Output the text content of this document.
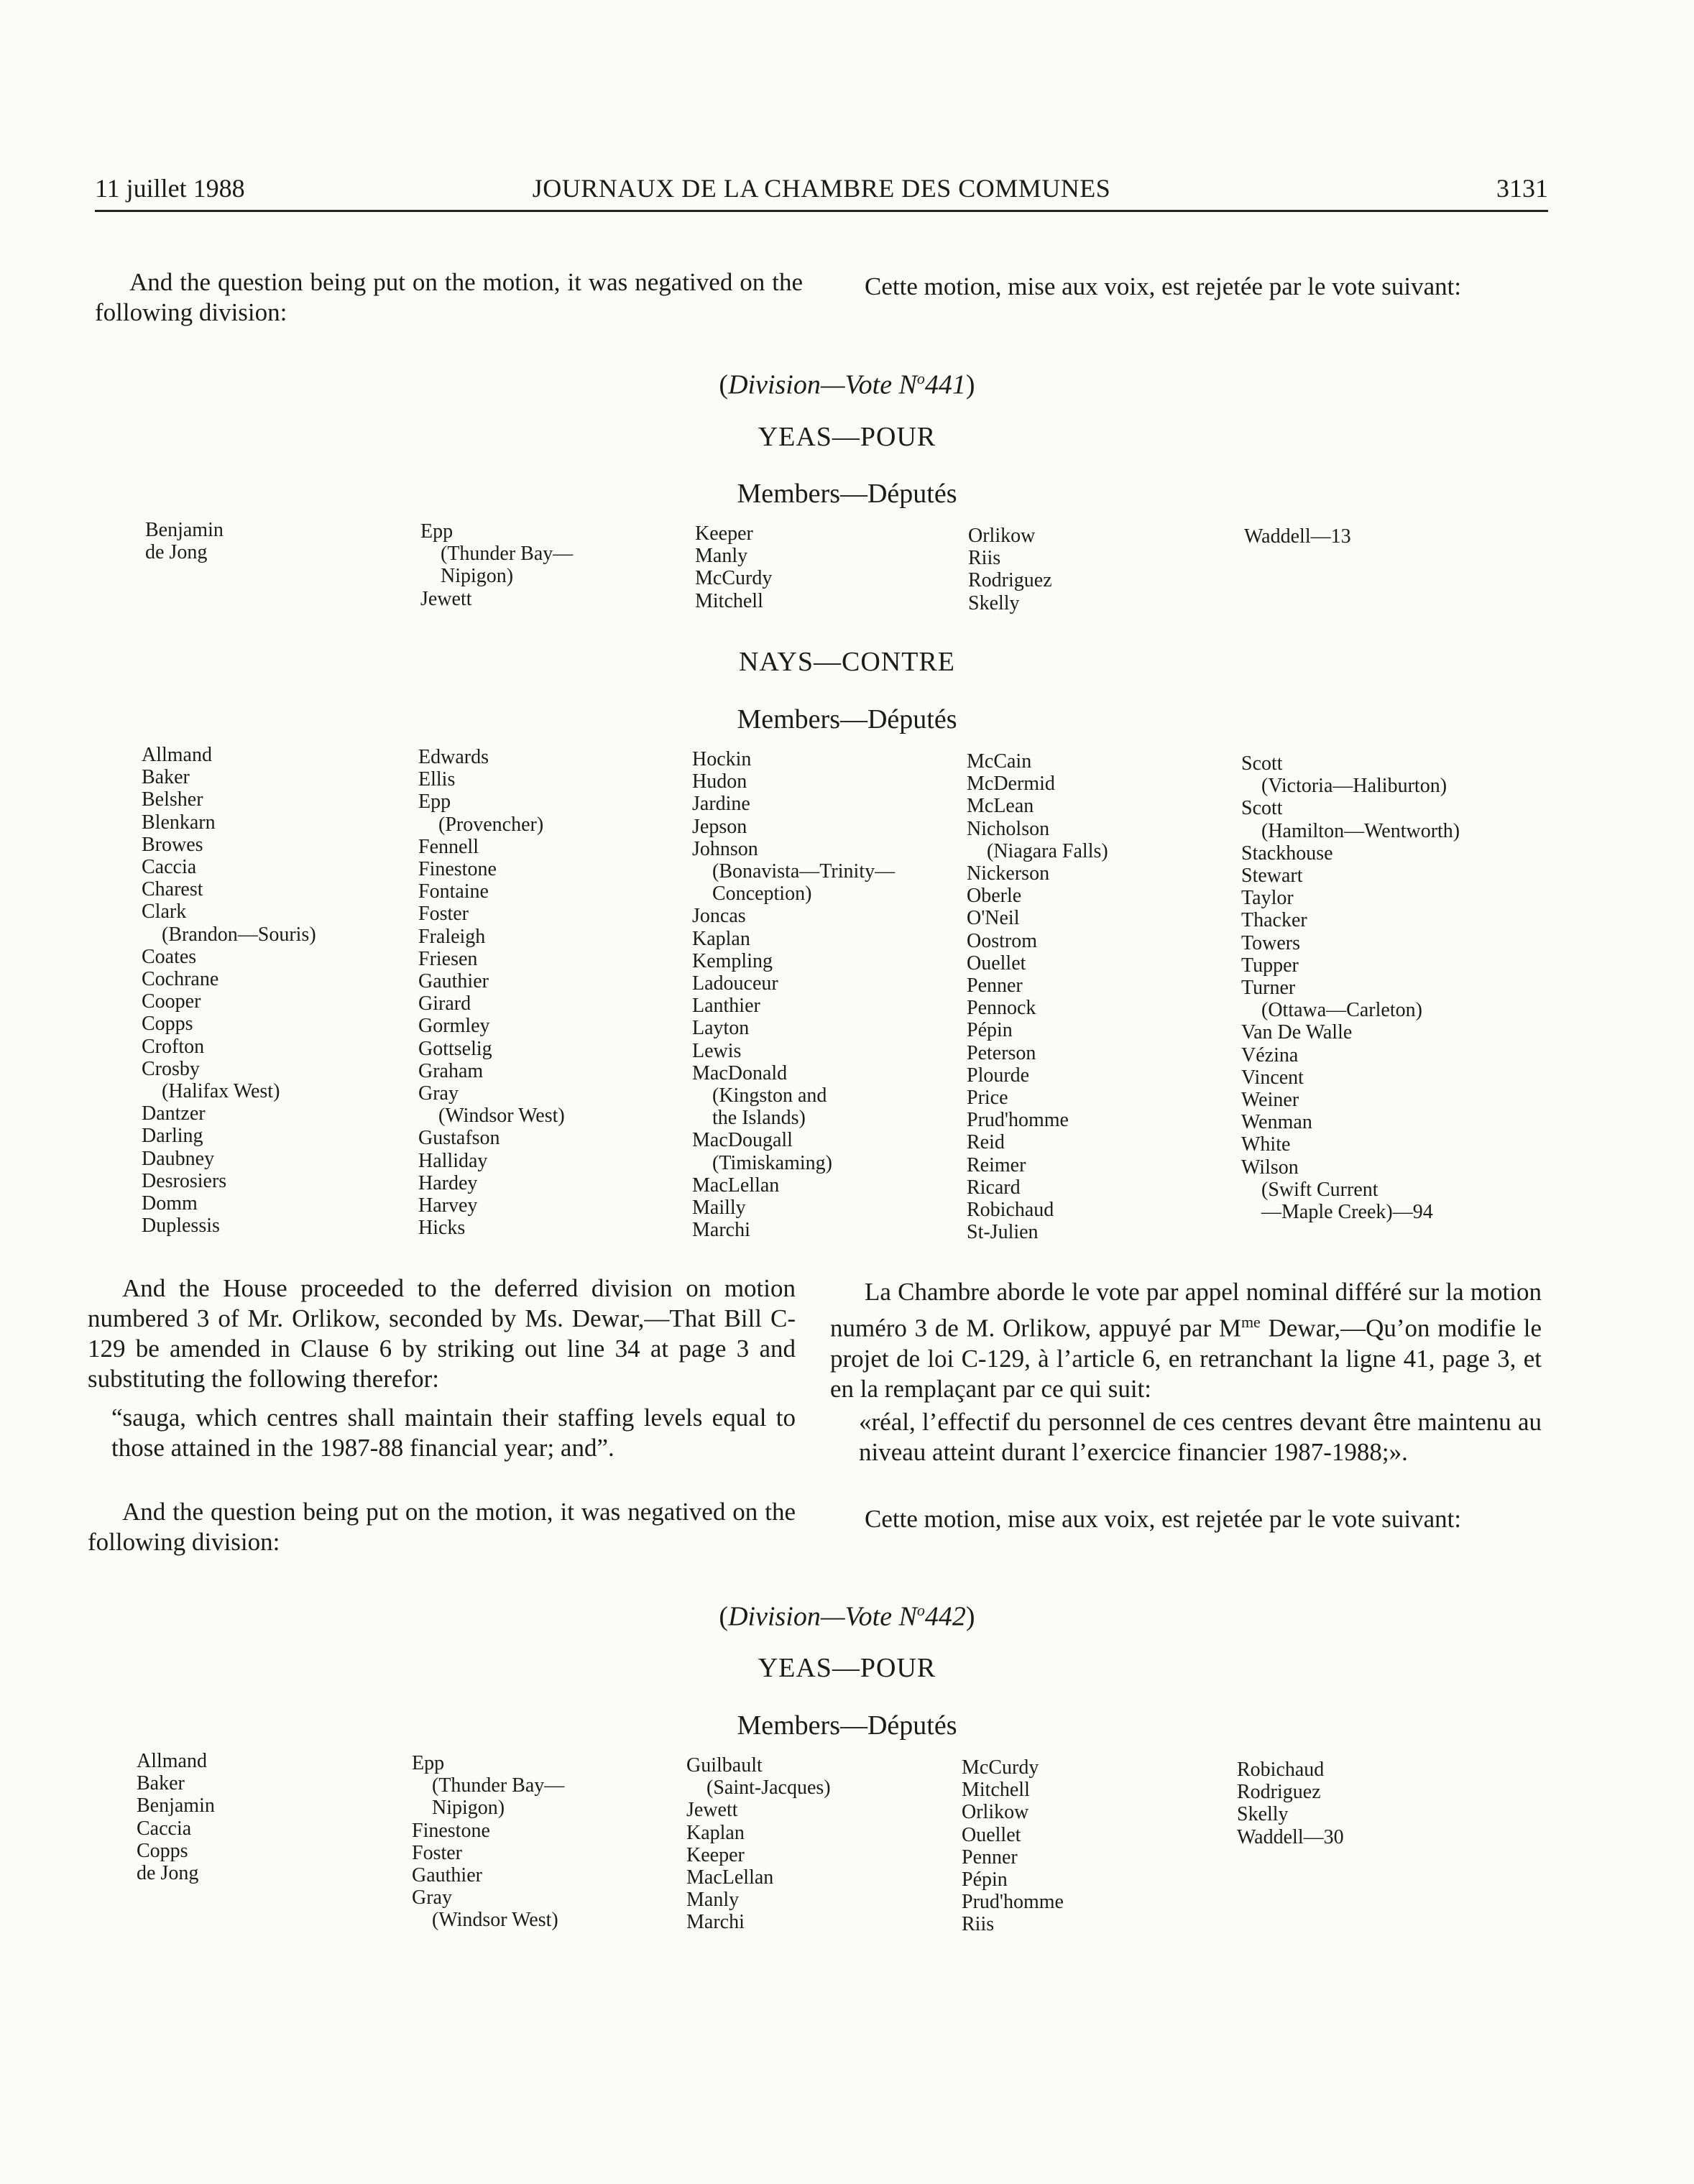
11 juillet 1988	JOURNAUX DE LA CHAMBRE DES COMMUNES	3131

And the question being put on the motion, it was negatived on the following division:

Cette motion, mise aux voix, est rejetée par le vote suivant:

(Division—Vote $N^o441$)
YEAS—POUR
Members—Députés
Benjamin
de Jong
Epp
(Thunder Bay—
Nipigon)
Jewett
Keeper
Manly
McCurdy
Mitchell
Orlikow
Riis
Rodriguez
Skelly
Waddell—13
NAYS—CONTRE
Members—Députés
Allmand
Baker
Belsher
Blenkarn
Browes
Caccia
Charest
Clark
(Brandon—Souris)
Coates
Cochrane
Cooper
Copps
Crofton
Crosby
(Halifax West)
Dantzer
Darling
Daubney
Desrosiers
Domm
Duplessis
Edwards
Ellis
Epp
(Provencher)
Fennell
Finestone
Fontaine
Foster
Fraleigh
Friesen
Gauthier
Girard
Gormley
Gottselig
Graham
Gray
(Windsor West)
Gustafson
Halliday
Hardey
Harvey
Hicks
Hockin
Hudon
Jardine
Jepson
Johnson
(Bonavista—Trinity—
Conception)
Joncas
Kaplan
Kempling
Ladouceur
Lanthier
Layton
Lewis
MacDonald
(Kingston and
the Islands)
MacDougall
(Timiskaming)
MacLellan
Mailly
Marchi
McCain
McDermid
McLean
Nicholson
(Niagara Falls)
Nickerson
Oberle
O'Neil
Oostrom
Ouellet
Penner
Pennock
Pépin
Peterson
Plourde
Price
Prud'homme
Reid
Reimer
Ricard
Robichaud
St-Julien
Scott
(Victoria—Haliburton)
Scott
(Hamilton—Wentworth)
Stackhouse
Stewart
Taylor
Thacker
Towers
Tupper
Turner
(Ottawa—Carleton)
Van De Walle
Vézina
Vincent
Weiner
Wenman
White
Wilson
(Swift Current
—Maple Creek)—94

And the House proceeded to the deferred division on motion numbered 3 of Mr. Orlikow, seconded by Ms. Dewar,—That Bill C-129 be amended in Clause 6 by striking out line 34 at page 3 and substituting the following therefor:

“sauga, which centres shall maintain their staffing levels equal to those attained in the 1987-88 financial year; and”.

And the question being put on the motion, it was negatived on the following division:

La Chambre aborde le vote par appel nominal différé sur la motion numéro 3 de M. Orlikow, appuyé par $M^{me}$ Dewar,—Qu’on modifie le projet de loi C-129, à l’article 6, en retranchant la ligne 41, page 3, et en la remplaçant par ce qui suit:

«réal, l’effectif du personnel de ces centres devant être maintenu au niveau atteint durant l’exercice financier 1987-1988;».

Cette motion, mise aux voix, est rejetée par le vote suivant:

(Division—Vote $N^o442$)
YEAS—POUR
Members—Députés
Allmand
Baker
Benjamin
Caccia
Copps
de Jong
Epp
(Thunder Bay—
Nipigon)
Finestone
Foster
Gauthier
Gray
(Windsor West)
Guilbault
(Saint-Jacques)
Jewett
Kaplan
Keeper
MacLellan
Manly
Marchi
McCurdy
Mitchell
Orlikow
Ouellet
Penner
Pépin
Prud'homme
Riis
Robichaud
Rodriguez
Skelly
Waddell—30
